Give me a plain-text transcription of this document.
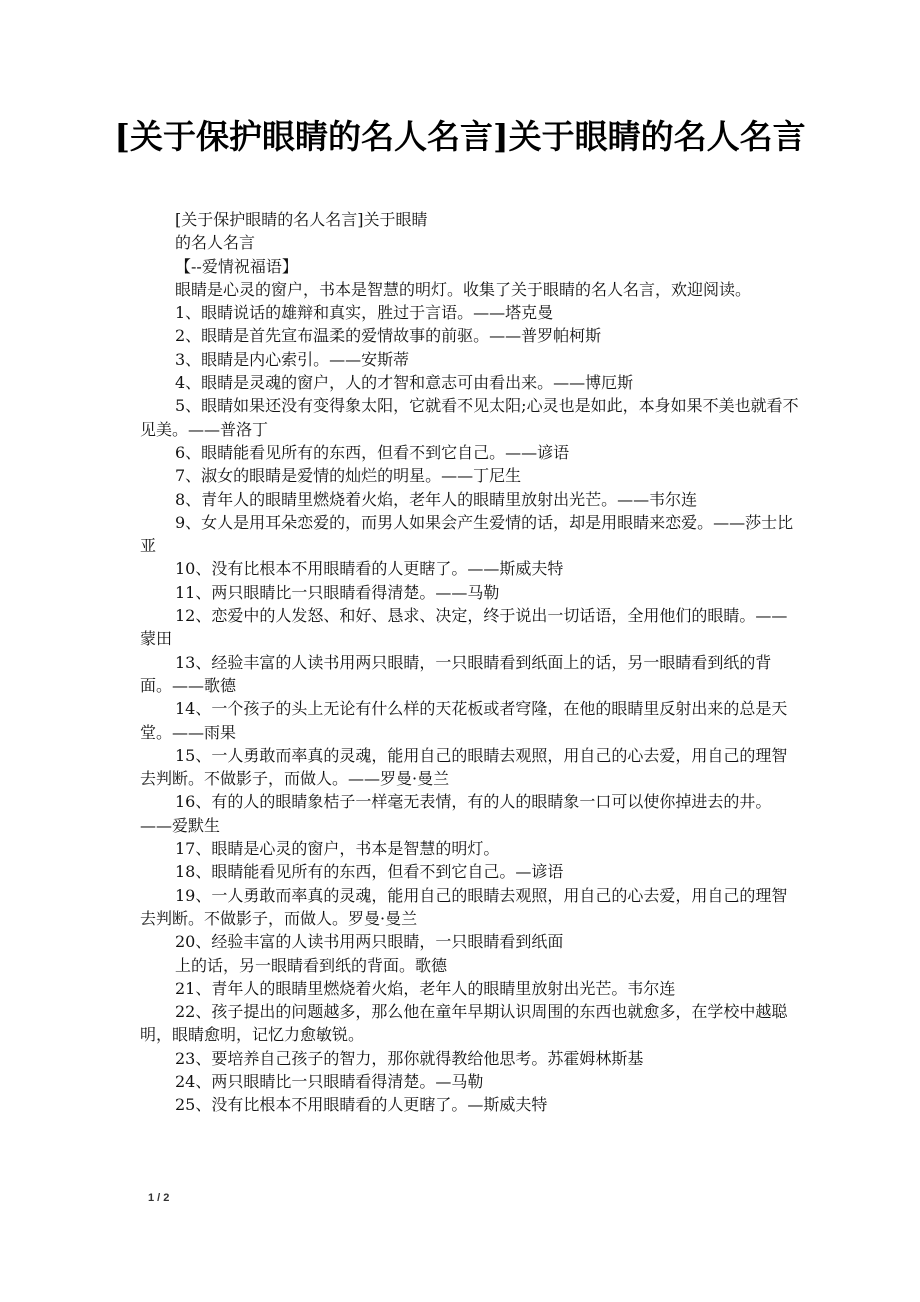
[关于保护眼睛的名人名言]关于眼睛的名人名言

[关于保护眼睛的名人名言]关于眼睛

的名人名言

【--爱情祝福语】

眼睛是心灵的窗户，书本是智慧的明灯。收集了关于眼睛的名人名言，欢迎阅读。

1、眼睛说话的雄辩和真实，胜过于言语。——塔克曼

2、眼睛是首先宣布温柔的爱情故事的前驱。——普罗帕柯斯

3、眼睛是内心索引。——安斯蒂

4、眼睛是灵魂的窗户，人的才智和意志可由看出来。——博厄斯

5、眼睛如果还没有变得象太阳，它就看不见太阳;心灵也是如此，本身如果不美也就看不见美。——普洛丁

6、眼睛能看见所有的东西，但看不到它自己。——谚语

7、淑女的眼睛是爱情的灿烂的明星。——丁尼生

8、青年人的眼睛里燃烧着火焰，老年人的眼睛里放射出光芒。——韦尔连

9、女人是用耳朵恋爱的，而男人如果会产生爱情的话，却是用眼睛来恋爱。——莎士比亚

10、没有比根本不用眼睛看的人更瞎了。——斯威夫特

11、两只眼睛比一只眼睛看得清楚。——马勒

12、恋爱中的人发怒、和好、恳求、决定，终于说出一切话语，全用他们的眼睛。——蒙田

13、经验丰富的人读书用两只眼睛，一只眼睛看到纸面上的话，另一眼睛看到纸的背面。——歌德

14、一个孩子的头上无论有什么样的天花板或者穹隆，在他的眼睛里反射出来的总是天堂。——雨果

15、一人勇敢而率真的灵魂，能用自己的眼睛去观照，用自己的心去爱，用自己的理智去判断。不做影子，而做人。——罗曼·曼兰

16、有的人的眼睛象桔子一样毫无表情，有的人的眼睛象一口可以使你掉进去的井。——爱默生

17、眼睛是心灵的窗户，书本是智慧的明灯。

18、眼睛能看见所有的东西，但看不到它自己。—谚语

19、一人勇敢而率真的灵魂，能用自己的眼睛去观照，用自己的心去爱，用自己的理智去判断。不做影子，而做人。罗曼·曼兰

20、经验丰富的人读书用两只眼睛，一只眼睛看到纸面

上的话，另一眼睛看到纸的背面。歌德

21、青年人的眼睛里燃烧着火焰，老年人的眼睛里放射出光芒。韦尔连

22、孩子提出的问题越多，那么他在童年早期认识周围的东西也就愈多，在学校中越聪明，眼睛愈明，记忆力愈敏锐。

23、要培养自己孩子的智力，那你就得教给他思考。苏霍姆林斯基

24、两只眼睛比一只眼睛看得清楚。—马勒

25、没有比根本不用眼睛看的人更瞎了。—斯威夫特

1 / 2
